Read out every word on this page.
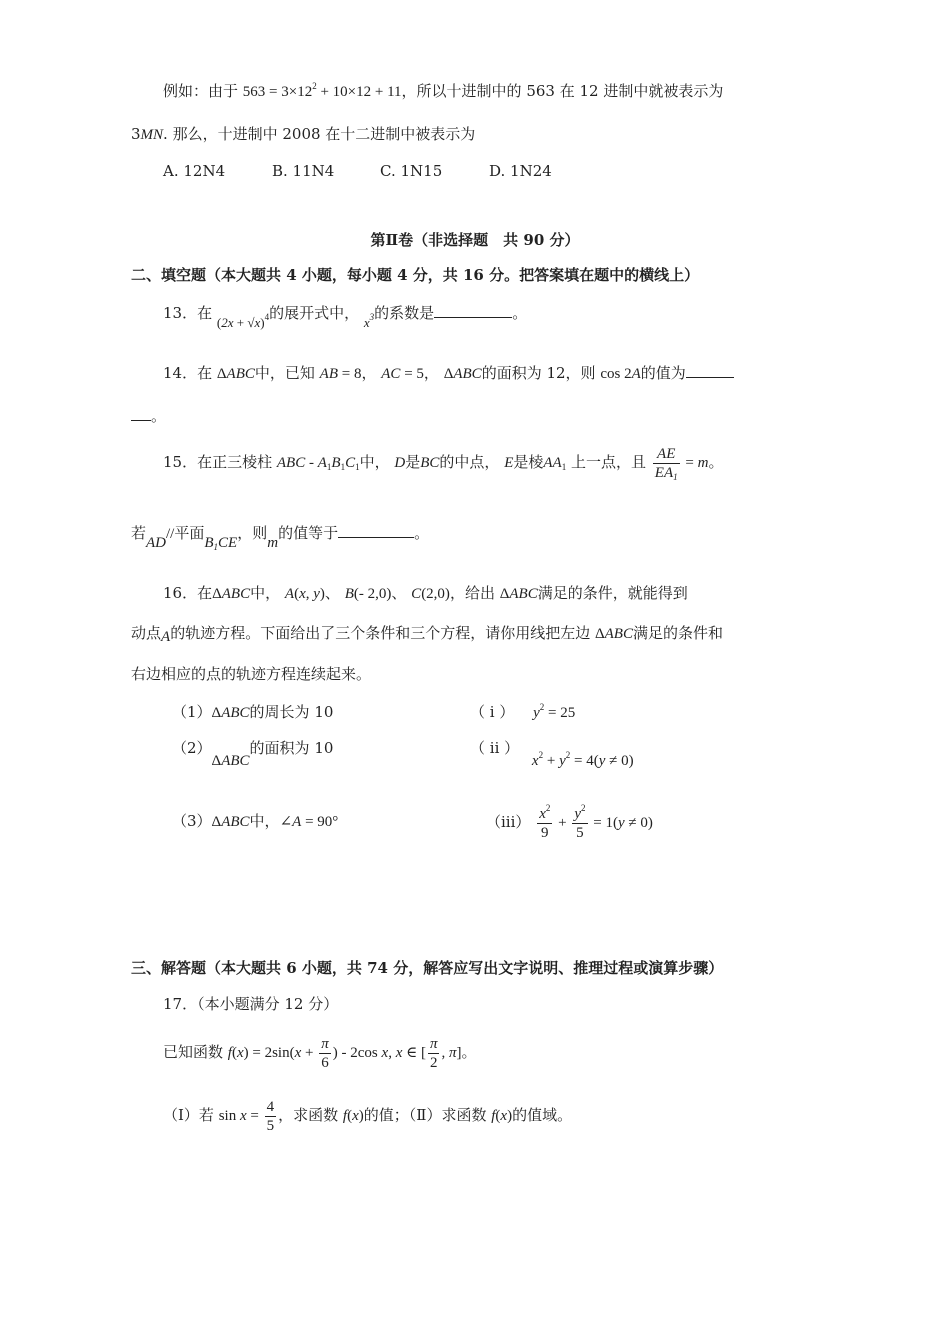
例如：由于 $563 = 3\times 12^2 + 10\times 12 + 11$，所以十进制中的 563 在 12 进制中就被表示为
3MN. 那么，十进制中 2008 在十二进制中被表示为
A. 12N4	B. 11N4	C. 1N15	D. 1N24
第Ⅱ卷（非选择题　共 90 分）
二、填空题（本大题共 4 小题，每小题 4 分，共 16 分。把答案填在题中的横线上）
13．在 $(2x + √x)^4$的展开式中， $x^3$的系数是	。
14．在 ΔABC中，已知 AB = 8， AC = 5， ΔABC的面积为 12，则 cos 2A的值为
。
15．在正三棱柱 ABC - $A_1B_1C_1$中， D是BC的中点， E是棱$AA_1$ 上一点，且 $\frac{AE}{EA_1} = m$。
若AD//平面$B_1CE$，则m的值等于	。
16．在ΔABC中， A(x, y)、 B(- 2,0)、 C(2,0)，给出 ΔABC满足的条件，就能得到
动点A的轨迹方程。下面给出了三个条件和三个方程，请你用线把左边 ΔABC满足的条件和
右边相应的点的轨迹方程连续起来。
（1）ΔABC的周长为 10	（ i ） $y^2 = 25$
（2）ΔABC的面积为 10	（ ii ） $x^2 + y^2 = 4(y \ne 0)$
（3）ΔABC中，∠A = 90°	$(iii) \frac{x^2}{9} + \frac{y^2}{5} = 1(y \ne 0)$
三、解答题（本大题共 6 小题，共 74 分，解答应写出文字说明、推理过程或演算步骤）
17．（本小题满分 12 分）
已知函数 $f(x) = 2\sin(x + \frac{\pi}{6}$ ) - 2cos x, x ∈ [ $\frac{\pi}{2}$ , π]。
（Ⅰ）若 $\sin x = \frac{4}{5}$ ，求函数 f(x)的值；（Ⅱ）求函数 f(x)的值域。
